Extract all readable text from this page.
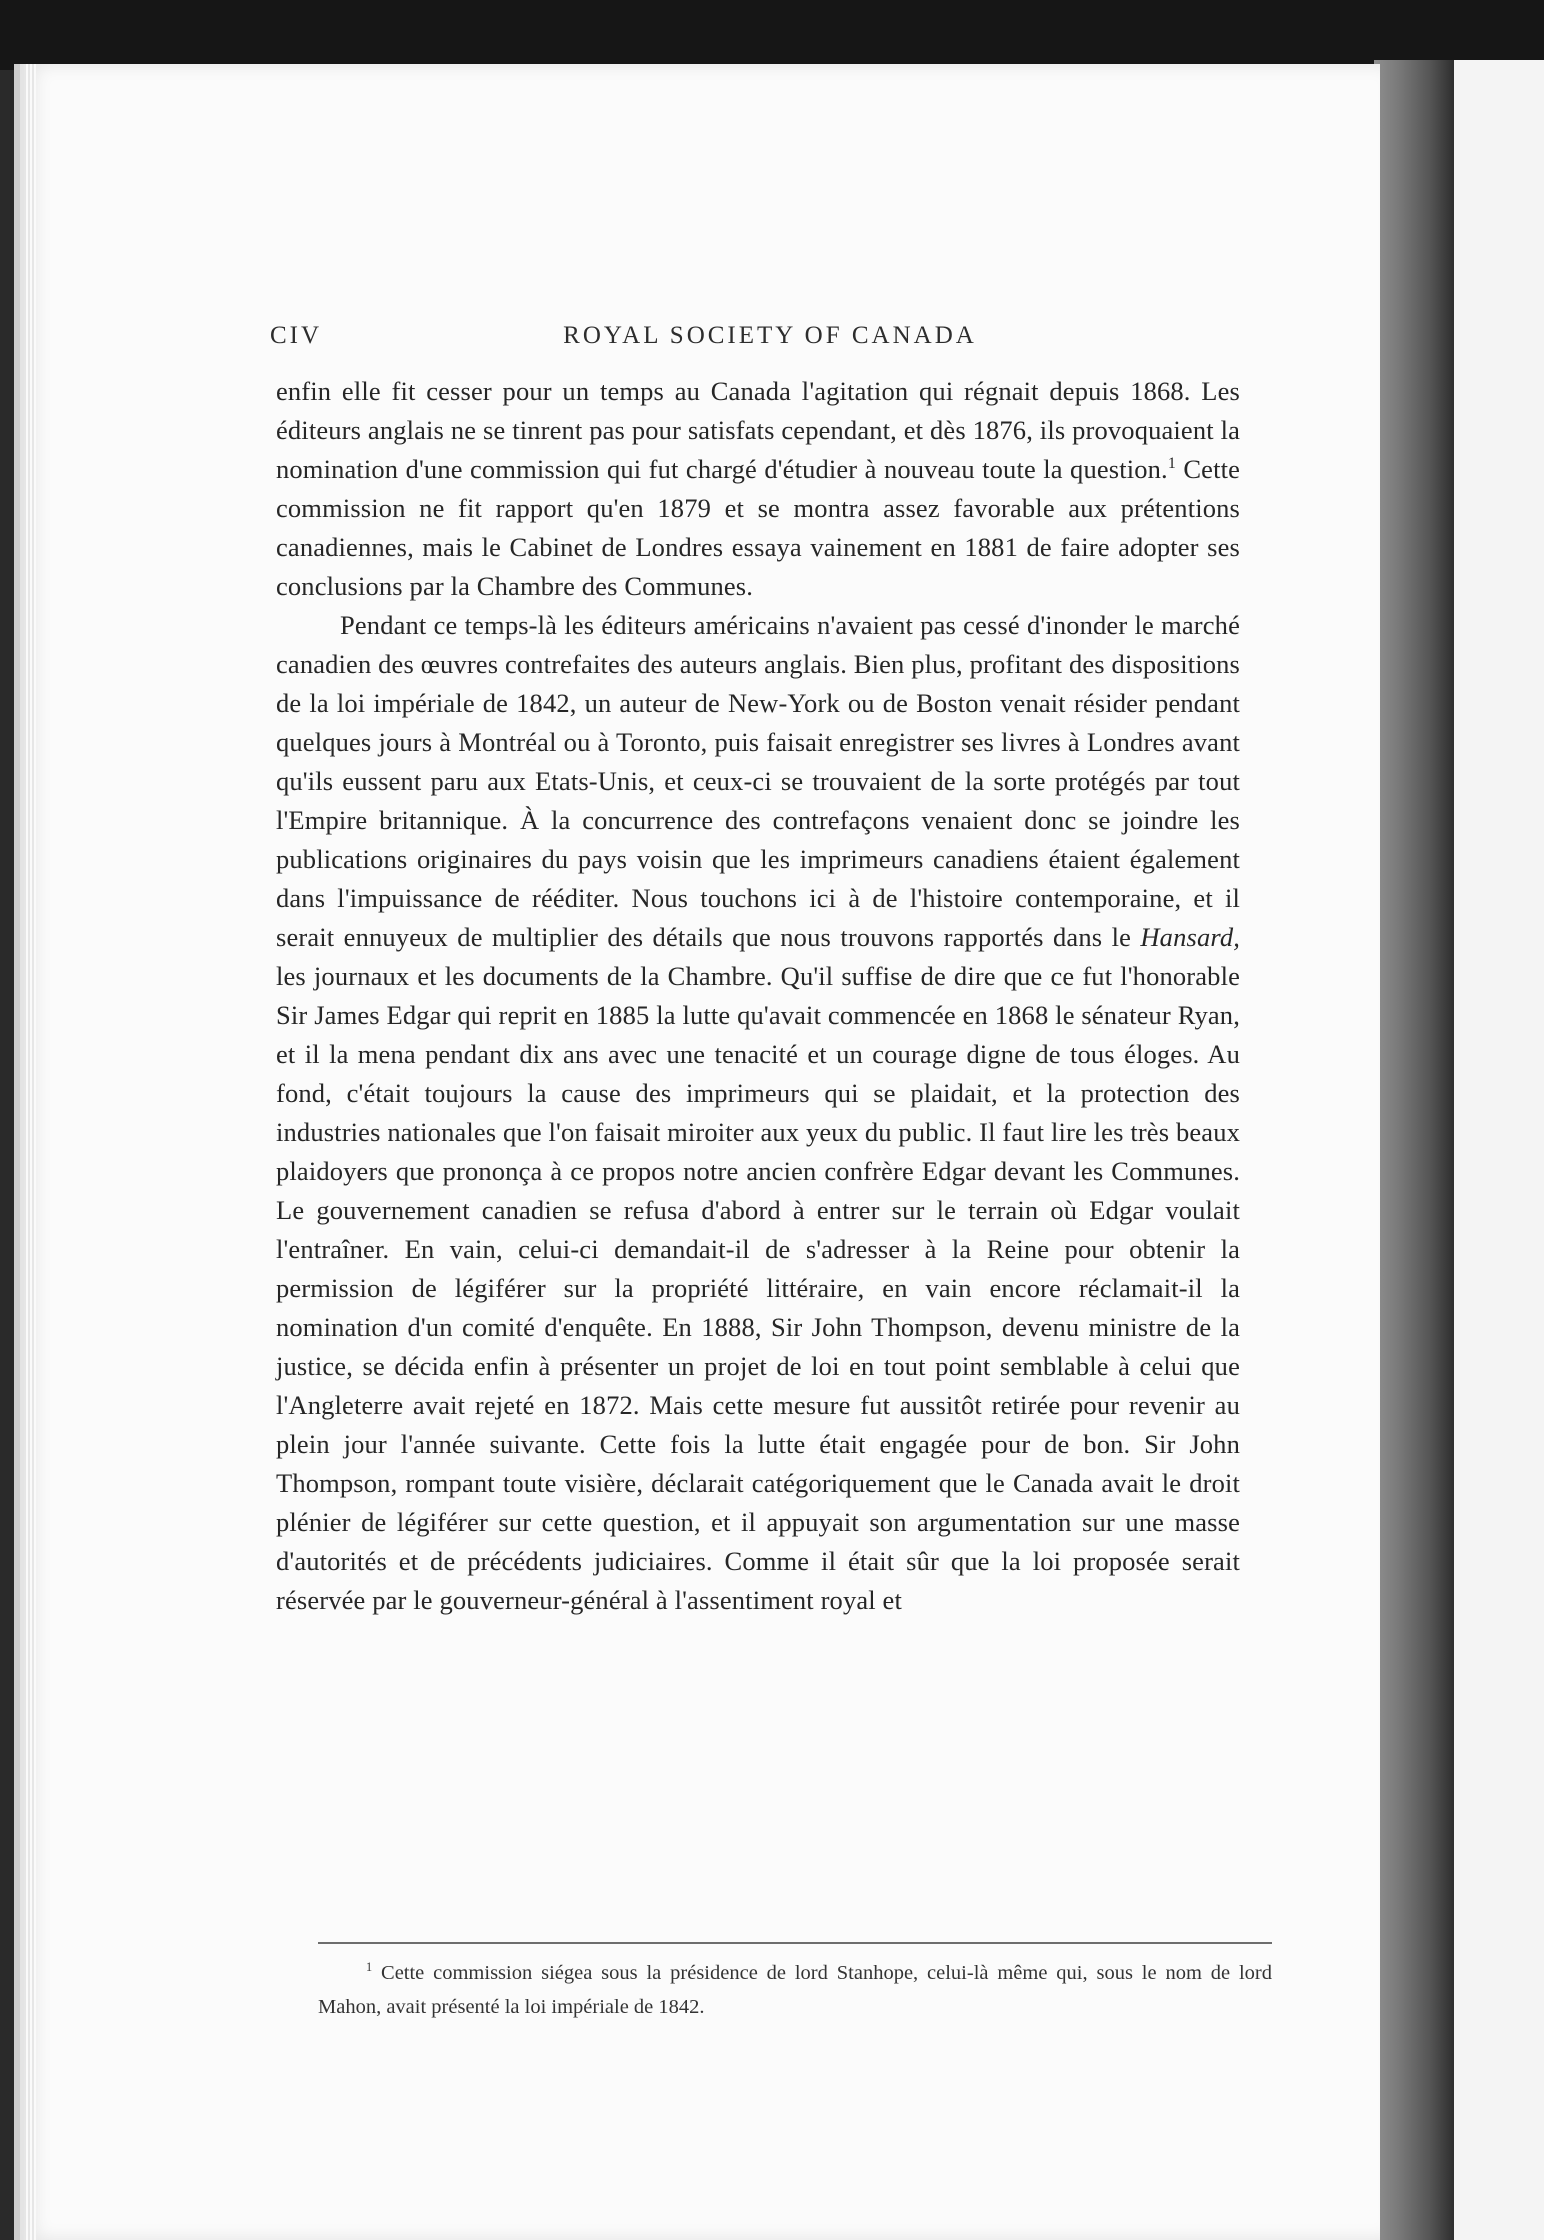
CIV	ROYAL SOCIETY OF CANADA

enfin elle fit cesser pour un temps au Canada l'agitation qui régnait depuis 1868. Les éditeurs anglais ne se tinrent pas pour satisfats cependant, et dès 1876, ils provoquaient la nomination d'une commission qui fut chargé d'étudier à nouveau toute la question.$^1$ Cette commission ne fit rapport qu'en 1879 et se montra assez favorable aux prétentions canadiennes, mais le Cabinet de Londres essaya vainement en 1881 de faire adopter ses conclusions par la Chambre des Communes.

Pendant ce temps-là les éditeurs américains n'avaient pas cessé d'inonder le marché canadien des œuvres contrefaites des auteurs anglais. Bien plus, profitant des dispositions de la loi impériale de 1842, un auteur de New-York ou de Boston venait résider pendant quelques jours à Montréal ou à Toronto, puis faisait enregistrer ses livres à Londres avant qu'ils eussent paru aux Etats-Unis, et ceux-ci se trouvaient de la sorte protégés par tout l'Empire britannique. À la concurrence des contrefaçons venaient donc se joindre les publications originaires du pays voisin que les imprimeurs canadiens étaient également dans l'impuissance de rééditer. Nous touchons ici à de l'histoire contemporaine, et il serait ennuyeux de multiplier des détails que nous trouvons rapportés dans le Hansard, les journaux et les documents de la Chambre. Qu'il suffise de dire que ce fut l'honorable Sir James Edgar qui reprit en 1885 la lutte qu'avait commencée en 1868 le sénateur Ryan, et il la mena pendant dix ans avec une tenacité et un courage digne de tous éloges. Au fond, c'était toujours la cause des imprimeurs qui se plaidait, et la protection des industries nationales que l'on faisait miroiter aux yeux du public. Il faut lire les très beaux plaidoyers que prononça à ce propos notre ancien confrère Edgar devant les Communes. Le gouvernement canadien se refusa d'abord à entrer sur le terrain où Edgar voulait l'entraîner. En vain, celui-ci demandait-il de s'adresser à la Reine pour obtenir la permission de légiférer sur la propriété littéraire, en vain encore réclamait-il la nomination d'un comité d'enquête. En 1888, Sir John Thompson, devenu ministre de la justice, se décida enfin à présenter un projet de loi en tout point semblable à celui que l'Angleterre avait rejeté en 1872. Mais cette mesure fut aussitôt retirée pour revenir au plein jour l'année suivante. Cette fois la lutte était engagée pour de bon. Sir John Thompson, rompant toute visière, déclarait catégoriquement que le Canada avait le droit plénier de légiférer sur cette question, et il appuyait son argumentation sur une masse d'autorités et de précédents judiciaires. Comme il était sûr que la loi proposée serait réservée par le gouverneur-général à l'assentiment royal et

$^1$ Cette commission siégea sous la présidence de lord Stanhope, celui-là même qui, sous le nom de lord Mahon, avait présenté la loi impériale de 1842.
